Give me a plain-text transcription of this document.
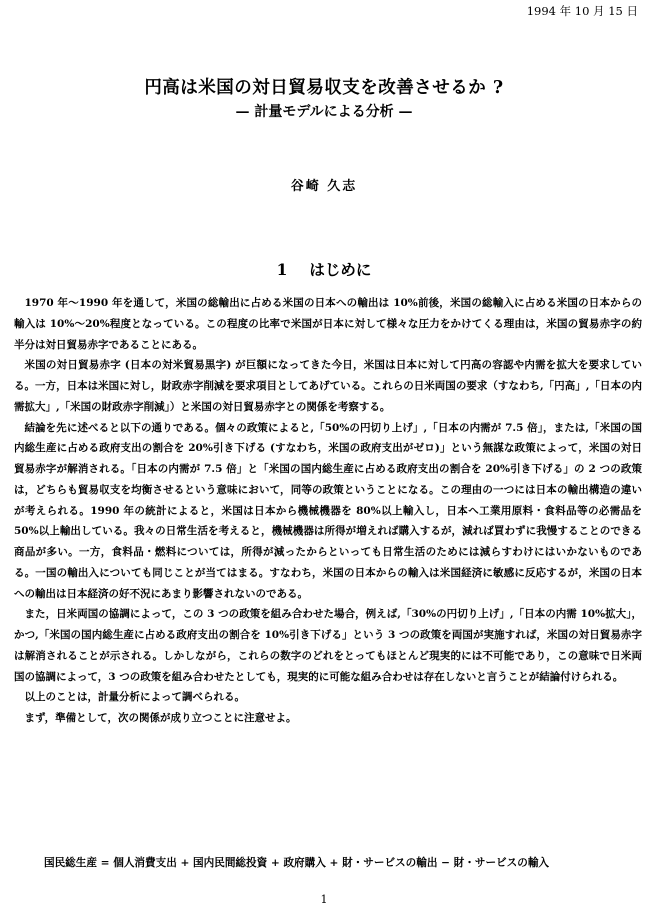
1994 年 10 月 15 日
円高は米国の対日貿易収支を改善させるか ?
— 計量モデルによる分析 —
谷崎 久志
1 はじめに

1970 年〜1990 年を通して，米国の総輸出に占める米国の日本への輸出は 10%前後，米国の総輸入に占める米国の日本からの輸入は 10%〜20%程度となっている。この程度の比率で米国が日本に対して様々な圧力をかけてくる理由は，米国の貿易赤字の約半分は対日貿易赤字であることにある。

米国の対日貿易赤字 (日本の対米貿易黒字) が巨額になってきた今日，米国は日本に対して円高の容認や内需を拡大を要求している。一方，日本は米国に対し，財政赤字削減を要求項目としてあげている。これらの日米両国の要求（すなわち,「円高」,「日本の内需拡大」,「米国の財政赤字削減」）と米国の対日貿易赤字との関係を考察する。

結論を先に述べると以下の通りである。個々の政策によると,「50%の円切り上げ」,「日本の内需が 7.5 倍」，または,「米国の国内総生産に占める政府支出の割合を 20%引き下げる (すなわち，米国の政府支出がゼロ)」という無謀な政策によって，米国の対日貿易赤字が解消される。「日本の内需が 7.5 倍」と「米国の国内総生産に占める政府支出の割合を 20%引き下げる」の 2 つの政策は，どちらも貿易収支を均衡させるという意味において，同等の政策ということになる。この理由の一つには日本の輸出構造の違いが考えられる。1990 年の統計によると，米国は日本から機械機器を 80%以上輸入し，日本へ工業用原料・食料品等の必需品を 50%以上輸出している。我々の日常生活を考えると，機械機器は所得が増えれば購入するが，減れば買わずに我慢することのできる商品が多い。一方，食料品・燃料については，所得が減ったからといっても日常生活のためには減らすわけにはいかないものである。一国の輸出入についても同じことが当てはまる。すなわち，米国の日本からの輸入は米国経済に敏感に反応するが，米国の日本への輸出は日本経済の好不況にあまり影響されないのである。

また，日米両国の協調によって，この 3 つの政策を組み合わせた場合，例えば,「30%の円切り上げ」,「日本の内需 10%拡大」，かつ,「米国の国内総生産に占める政府支出の割合を 10%引き下げる」という 3 つの政策を両国が実施すれば，米国の対日貿易赤字は解消されることが示される。しかしながら，これらの数字のどれをとってもほとんど現実的には不可能であり，この意味で日米両国の協調によって，3 つの政策を組み合わせたとしても，現実的に可能な組み合わせは存在しないと言うことが結論付けられる。

以上のことは，計量分析によって調べられる。

まず，準備として，次の関係が成り立つことに注意せよ。

国民総生産 = 個人消費支出 + 国内民間総投資 + 政府購入 + 財・サービスの輸出 − 財・サービスの輸入
1
